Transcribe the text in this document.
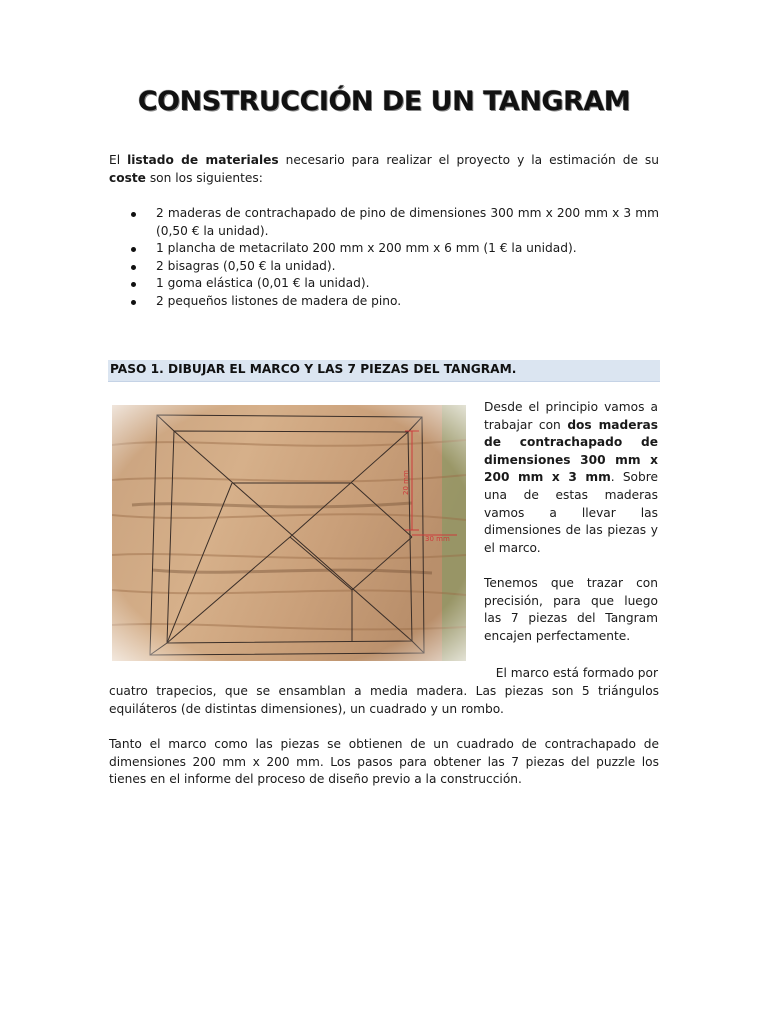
CONSTRUCCIÓN DE UN TANGRAM
El listado de materiales necesario para realizar el proyecto y la estimación de su coste son los siguientes:
2 maderas de contrachapado de pino de dimensiones 300 mm x 200 mm x 3 mm (0,50 € la unidad).
1 plancha de metacrilato 200 mm x 200 mm x 6 mm (1 € la unidad).
2 bisagras (0,50 € la unidad).
1 goma elástica (0,01 € la unidad).
2 pequeños listones de madera de pino.
PASO 1. DIBUJAR EL MARCO Y LAS 7 PIEZAS DEL TANGRAM.

Desde el principio vamos a trabajar con dos maderas de contrachapado de dimensiones 300 mm x 200 mm x 3 mm. Sobre una de estas maderas vamos a llevar las dimensiones de las piezas y el marco.

Tenemos que trazar con precisión, para que luego las 7 piezas del Tangram encajen perfectamente.

El marco está formado por
cuatro trapecios, que se ensamblan a media madera. Las piezas son 5 triángulos equiláteros (de distintas dimensiones), un cuadrado y un rombo.
Tanto el marco como las piezas se obtienen de un cuadrado de contrachapado de dimensiones 200 mm x 200 mm. Los pasos para obtener las 7 piezas del puzzle los tienes en el informe del proceso de diseño previo a la construcción.
